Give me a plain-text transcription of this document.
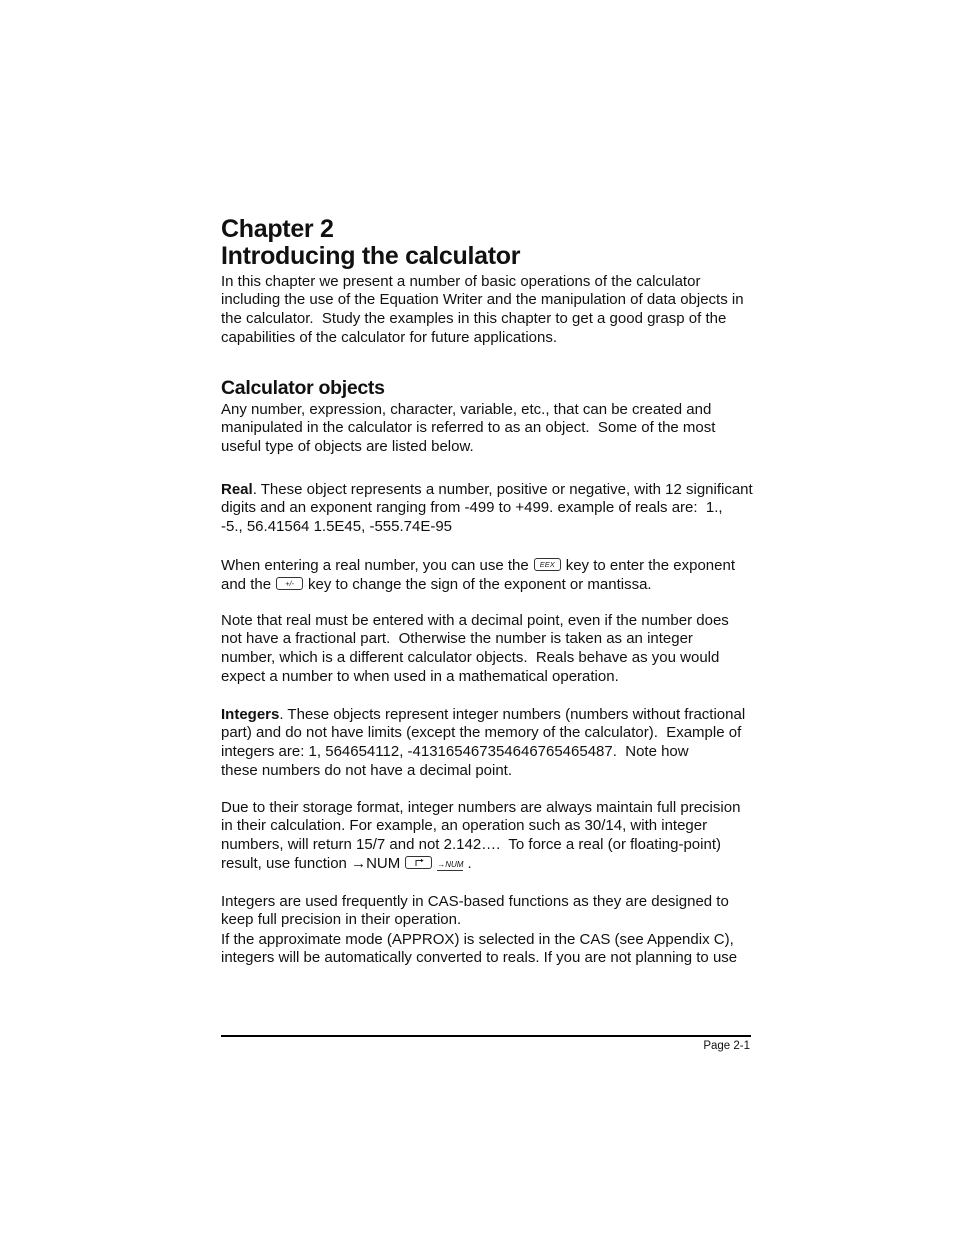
Chapter 2
Introducing the calculator
In this chapter we present a number of basic operations of the calculator
including the use of the Equation Writer and the manipulation of data objects in
the calculator.  Study the examples in this chapter to get a good grasp of the
capabilities of the calculator for future applications.
Calculator objects
Any number, expression, character, variable, etc., that can be created and
manipulated in the calculator is referred to as an object.  Some of the most
useful type of objects are listed below.
Real. These object represents a number, positive or negative, with 12 significant
digits and an exponent ranging from -499 to +499. example of reals are:  1.,
-5., 56.41564 1.5E45, -555.74E-95
When entering a real number, you can use the EEX key to enter the exponent
and the +/- key to change the sign of the exponent or mantissa.
Note that real must be entered with a decimal point, even if the number does
not have a fractional part.  Otherwise the number is taken as an integer
number, which is a different calculator objects.  Reals behave as you would
expect a number to when used in a mathematical operation.
Integers. These objects represent integer numbers (numbers without fractional
part) and do not have limits (except the memory of the calculator).  Example of
integers are: 1, 564654112, -413165467354646765465487.  Note how
these numbers do not have a decimal point.
Due to their storage format, integer numbers are always maintain full precision
in their calculation. For example, an operation such as 30/14, with integer
numbers, will return 15/7 and not 2.142….  To force a real (or floating-point)
result, use function →NUM	→NUM .
Integers are used frequently in CAS-based functions as they are designed to
keep full precision in their operation.
If the approximate mode (APPROX) is selected in the CAS (see Appendix C),
integers will be automatically converted to reals. If you are not planning to use
Page 2-1
